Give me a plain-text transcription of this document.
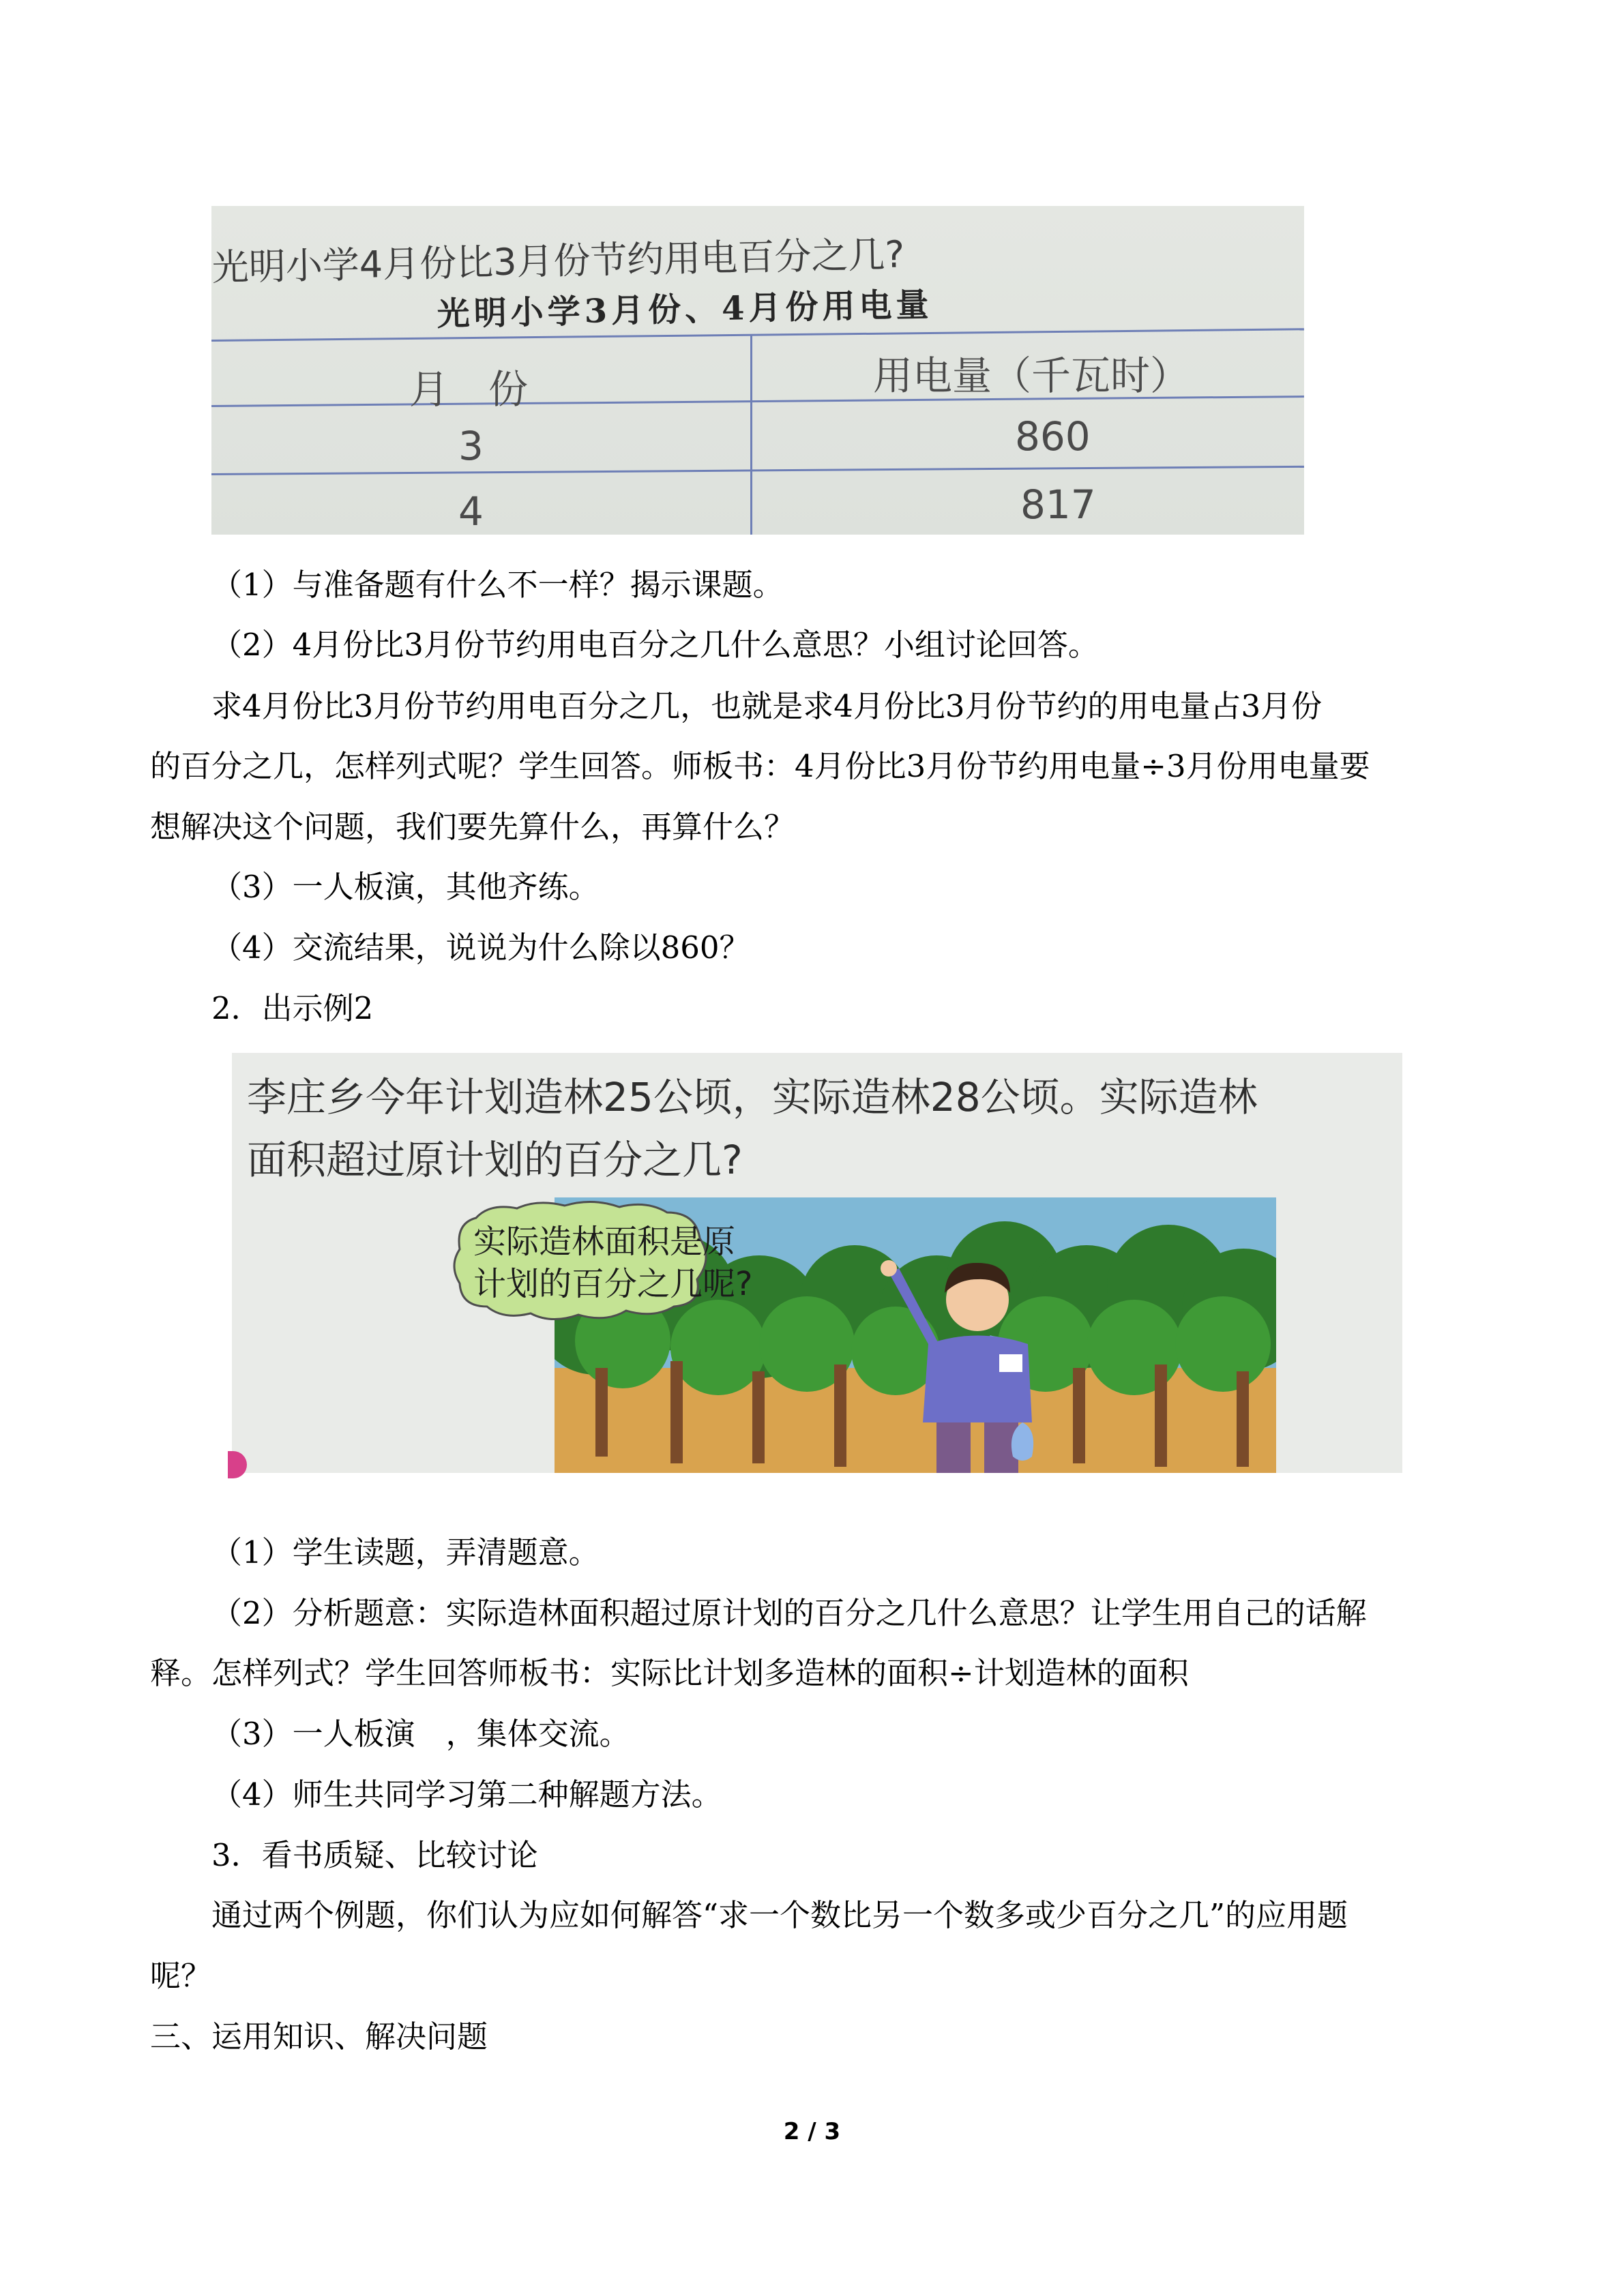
光明小学4月份比3月份节约用电百分之几?
光明小学3月份、4月份用电量
月　份	用电量（千瓦时）
3	860
4	817

（1）与准备题有什么不一样？揭示课题。

（2）4月份比3月份节约用电百分之几什么意思？小组讨论回答。

求4月份比3月份节约用电百分之几，也就是求4月份比3月份节约的用电量占3月份

的百分之几，怎样列式呢？学生回答。师板书：4月份比3月份节约用电量÷3月份用电量要

想解决这个问题，我们要先算什么，再算什么？

（3）一人板演，其他齐练。

（4）交流结果，说说为什么除以860？

2．出示例2

李庄乡今年计划造林25公顷，实际造林28公顷。实际造林
面积超过原计划的百分之几?
实际造林面积是原
计划的百分之几呢?

（1）学生读题，弄清题意。

（2）分析题意：实际造林面积超过原计划的百分之几什么意思？让学生用自己的话解

释。怎样列式？学生回答师板书：实际比计划多造林的面积÷计划造林的面积

（3）一人板演　，集体交流。

（4）师生共同学习第二种解题方法。

3．看书质疑、比较讨论

通过两个例题，你们认为应如何解答“求一个数比另一个数多或少百分之几”的应用题

呢？

三、运用知识、解决问题

2 / 3
